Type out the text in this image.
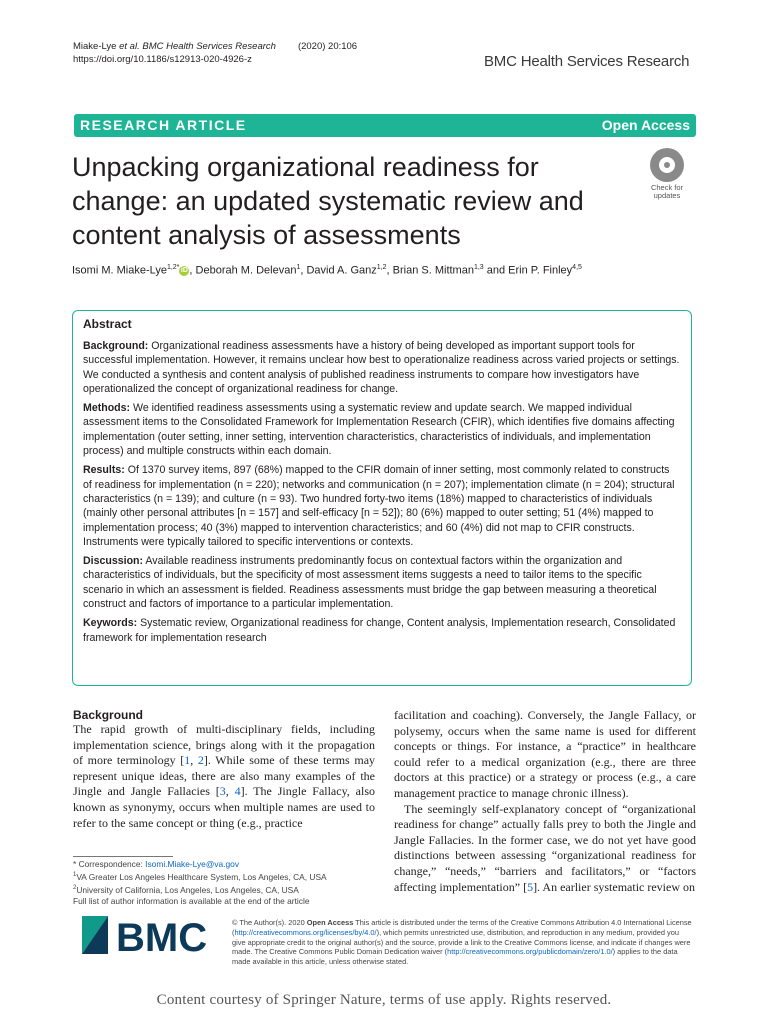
Miake-Lye et al. BMC Health Services Research (2020) 20:106
https://doi.org/10.1186/s12913-020-4926-z	BMC Health Services Research
RESEARCH ARTICLE	Open Access
Unpacking organizational readiness for change: an updated systematic review and content analysis of assessments
Check for
updates
Isomi M. Miake-Lye$^{1,2*}$ iD , Deborah M. Delevan$^1$, David A. Ganz$^{1,2}$, Brian S. Mittman$^{1,3}$ and Erin P. Finley$^{4,5}$
Abstract

Background: Organizational readiness assessments have a history of being developed as important support tools for successful implementation. However, it remains unclear how best to operationalize readiness across varied projects or settings. We conducted a synthesis and content analysis of published readiness instruments to compare how investigators have operationalized the concept of organizational readiness for change.

Methods: We identified readiness assessments using a systematic review and update search. We mapped individual assessment items to the Consolidated Framework for Implementation Research (CFIR), which identifies five domains affecting implementation (outer setting, inner setting, intervention characteristics, characteristics of individuals, and implementation process) and multiple constructs within each domain.

Results: Of 1370 survey items, 897 (68%) mapped to the CFIR domain of inner setting, most commonly related to constructs of readiness for implementation (n = 220); networks and communication (n = 207); implementation climate (n = 204); structural characteristics (n = 139); and culture (n = 93). Two hundred forty-two items (18%) mapped to characteristics of individuals (mainly other personal attributes [n = 157] and self-efficacy [n = 52]); 80 (6%) mapped to outer setting; 51 (4%) mapped to implementation process; 40 (3%) mapped to intervention characteristics; and 60 (4%) did not map to CFIR constructs. Instruments were typically tailored to specific interventions or contexts.

Discussion: Available readiness instruments predominantly focus on contextual factors within the organization and characteristics of individuals, but the specificity of most assessment items suggests a need to tailor items to the specific scenario in which an assessment is fielded. Readiness assessments must bridge the gap between measuring a theoretical construct and factors of importance to a particular implementation.

Keywords: Systematic review, Organizational readiness for change, Content analysis, Implementation research, Consolidated framework for implementation research

Background

The rapid growth of multi-disciplinary fields, including implementation science, brings along with it the propagation of more terminology [1, 2]. While some of these terms may represent unique ideas, there are also many examples of the Jingle and Jangle Fallacies [3, 4]. The Jingle Fallacy, also known as synonymy, occurs when multiple names are used to refer to the same concept or thing (e.g., practice

facilitation and coaching). Conversely, the Jangle Fallacy, or polysemy, occurs when the same name is used for different concepts or things. For instance, a “practice” in healthcare could refer to a medical organization (e.g., there are three doctors at this practice) or a strategy or process (e.g., a care management practice to manage chronic illness).

The seemingly self-explanatory concept of “organizational readiness for change” actually falls prey to both the Jingle and Jangle Fallacies. In the former case, we do not yet have good distinctions between assessing “organizational readiness for change,” “needs,” “barriers and facilitators,” or “factors affecting implementation” [5]. An earlier systematic review on

* Correspondence: Isomi.Miake-Lye@va.gov
$^1$VA Greater Los Angeles Healthcare System, Los Angeles, CA, USA
$^2$University of California, Los Angeles, Los Angeles, CA, USA
Full list of author information is available at the end of the article
BMC	© The Author(s). 2020 Open Access This article is distributed under the terms of the Creative Commons Attribution 4.0 International License (http://creativecommons.org/licenses/by/4.0/), which permits unrestricted use, distribution, and reproduction in any medium, provided you give appropriate credit to the original author(s) and the source, provide a link to the Creative Commons license, and indicate if changes were made. The Creative Commons Public Domain Dedication waiver (http://creativecommons.org/publicdomain/zero/1.0/) applies to the data made available in this article, unless otherwise stated.
Content courtesy of Springer Nature, terms of use apply. Rights reserved.
